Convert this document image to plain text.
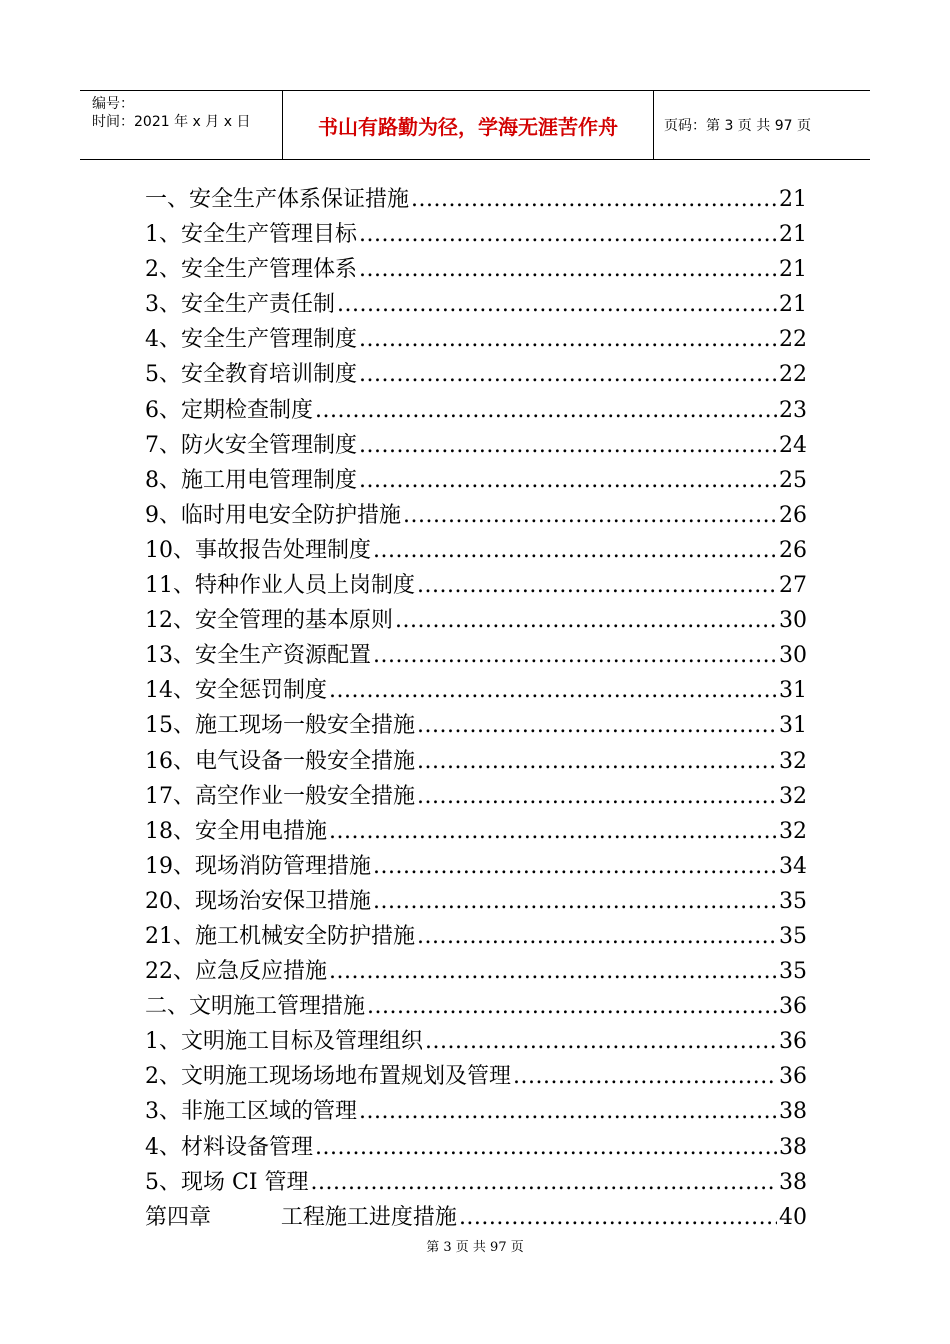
编号：
时间：2021 年 x 月 x 日	书山有路勤为径，学海无涯苦作舟	页码：第 3 页 共 97 页
一、安全生产体系保证措施 .....	21
1、安全生产管理目标 .....	21
2、安全生产管理体系 .....	21
3、安全生产责任制 .....	21
4、安全生产管理制度 .....	22
5、安全教育培训制度 .....	22
6、定期检查制度 .....	23
7、防火安全管理制度 .....	24
8、施工用电管理制度 .....	25
9、临时用电安全防护措施 .....	26
10、事故报告处理制度 .....	26
11、特种作业人员上岗制度 .....	27
12、安全管理的基本原则 .....	30
13、安全生产资源配置 .....	30
14、安全惩罚制度 .....	31
15、施工现场一般安全措施 .....	31
16、电气设备一般安全措施 .....	32
17、高空作业一般安全措施 .....	32
18、安全用电措施 .....	32
19、现场消防管理措施 .....	34
20、现场治安保卫措施 .....	35
21、施工机械安全防护措施 .....	35
22、应急反应措施 .....	35
二、文明施工管理措施 .....	36
1、文明施工目标及管理组织 .....	36
2、文明施工现场场地布置规划及管理 .....	36
3、非施工区域的管理 .....	38
4、材料设备管理 .....	38
5、现场 CI 管理 .....	38
第四章          工程施工进度措施 .....	40
第 3 页 共 97 页
